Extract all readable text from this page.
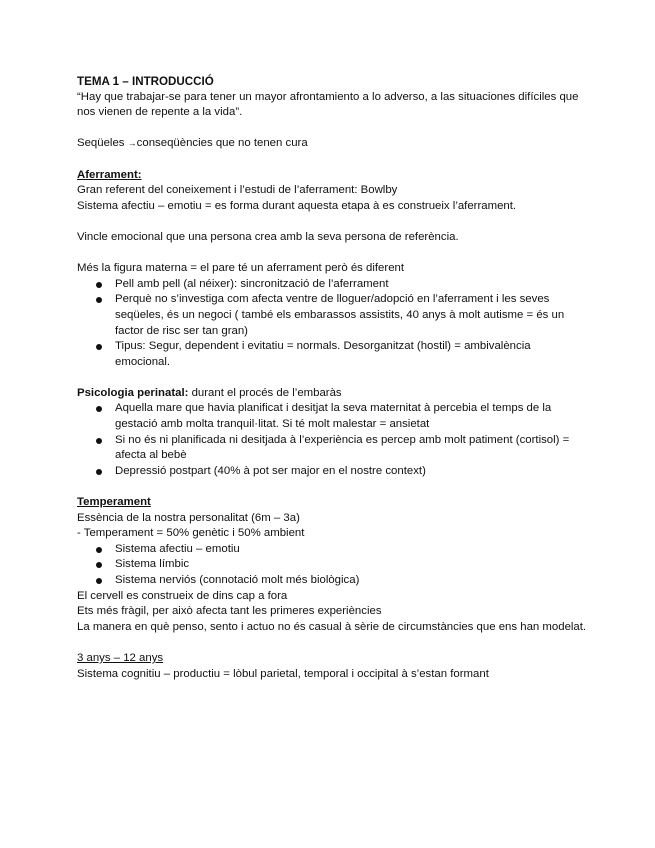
TEMA 1 – INTRODUCCIÓ

“Hay que trabajar-se para tener un mayor afrontamiento a lo adverso, a las situaciones difíciles que nos vienen de repente a la vida”.

Seqüeles →conseqüències que no tenen cura

Aferrament:

Gran referent del coneixement i l’estudi de l’aferrament: Bowlby

Sistema afectiu – emotiu = es forma durant aquesta etapa à es construeix l’aferrament.

Vincle emocional que una persona crea amb la seva persona de referència.

Més la figura materna = el pare té un aferrament però és diferent

Pell amb pell (al néixer): sincronització de l’aferrament
Perquè no s’investiga com afecta ventre de lloguer/adopció en l’aferrament i les seves seqüeles, és un negoci ( també els embarassos assistits, 40 anys à molt autisme = és un factor de risc ser tan gran)
Tipus: Segur, dependent i evitatiu = normals. Desorganitzat (hostil) = ambivalència emocional.

Psicologia perinatal: durant el procés de l’embaràs

Aquella mare que havia planificat i desitjat la seva maternitat à percebia el temps de la gestació amb molta tranquil·litat. Si té molt malestar = ansietat
Si no és ni planificada ni desitjada à l’experiència es percep amb molt patiment (cortisol) = afecta al bebè
Depressió postpart (40% à pot ser major en el nostre context)

Temperament

Essència de la nostra personalitat (6m – 3a)

- Temperament = 50% genètic i 50% ambient

Sistema afectiu – emotiu
Sistema límbic
Sistema nerviós (connotació molt més biològica)

El cervell es construeix de dins cap a fora

Ets més fràgil, per això afecta tant les primeres experiències

La manera en què penso, sento i actuo no és casual à sèrie de circumstàncies que ens han modelat.

3 anys – 12 anys

Sistema cognitiu – productiu = lòbul parietal, temporal i occipital à s’estan formant
